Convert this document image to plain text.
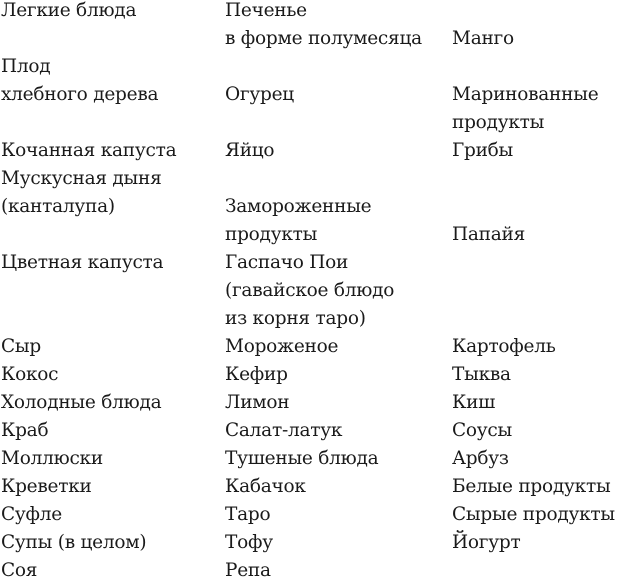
Легкие блюда
Плод
хлебного дерева
Кочанная капуста
Мускусная дыня
(канталупа)
Цветная капуста
Сыр
Кокос
Холодные блюда
Краб
Моллюски
Креветки
Суфле
Супы (в целом)
Соя
Печенье
в форме полумесяца
Огурец
Яйцо
Замороженные
продукты
Гаспачо Пои
(гавайское блюдо
из корня таро)
Мороженое
Кефир
Лимон
Салат-латук
Тушеные блюда
Кабачок
Таро
Тофу
Репа
Манго
Маринованные
продукты
Грибы
Папайя
Картофель
Тыква
Киш
Соусы
Арбуз
Белые продукты
Сырые продукты
Йогурт
